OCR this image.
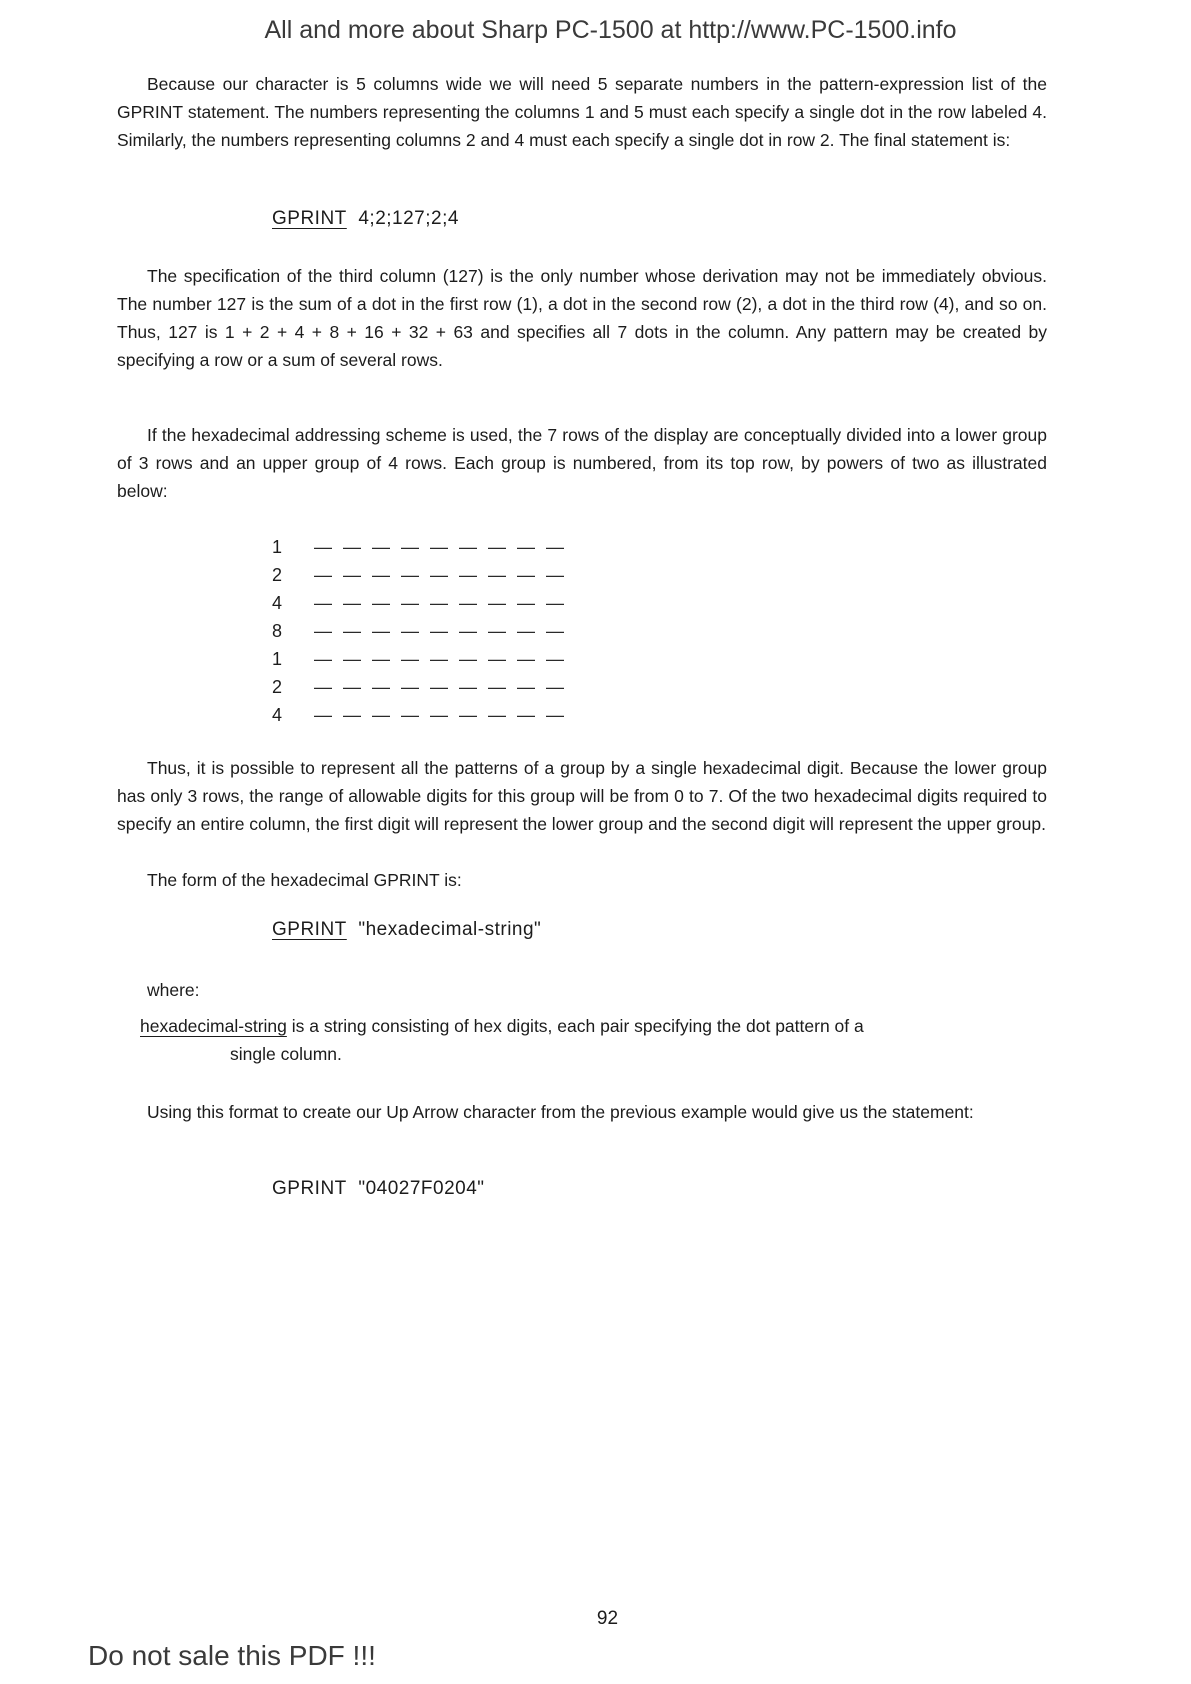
All and more about Sharp PC-1500 at http://www.PC-1500.info

Because our character is 5 columns wide we will need 5 separate numbers in the pattern-expression list of the GPRINT statement. The numbers representing the columns 1 and 5 must each specify a single dot in the row labeled 4. Similarly, the numbers representing columns 2 and 4 must each specify a single dot in row 2. The final statement is:

GPRINT 4;2;127;2;4

The specification of the third column (127) is the only number whose derivation may not be immediately obvious. The number 127 is the sum of a dot in the first row (1), a dot in the second row (2), a dot in the third row (4), and so on. Thus, 127 is 1 + 2 + 4 + 8 + 16 + 32 + 63 and specifies all 7 dots in the column. Any pattern may be created by specifying a row or a sum of several rows.

If the hexadecimal addressing scheme is used, the 7 rows of the display are conceptually divided into a lower group of 3 rows and an upper group of 4 rows. Each group is numbered, from its top row, by powers of two as illustrated below:

1	— — — — — — — — —
2	— — — — — — — — —
4	— — — — — — — — —
8	— — — — — — — — —
1	— — — — — — — — —
2	— — — — — — — — —
4	— — — — — — — — —

Thus, it is possible to represent all the patterns of a group by a single hexadecimal digit. Because the lower group has only 3 rows, the range of allowable digits for this group will be from 0 to 7. Of the two hexadecimal digits required to specify an entire column, the first digit will represent the lower group and the second digit will represent the upper group.

The form of the hexadecimal GPRINT is:

GPRINT "hexadecimal-string"
where:
hexadecimal-string is a string consisting of hex digits, each pair specifying the dot pattern of a
single column.

Using this format to create our Up Arrow character from the previous example would give us the statement:

GPRINT "04027F0204"
92
Do not sale this PDF !!!
